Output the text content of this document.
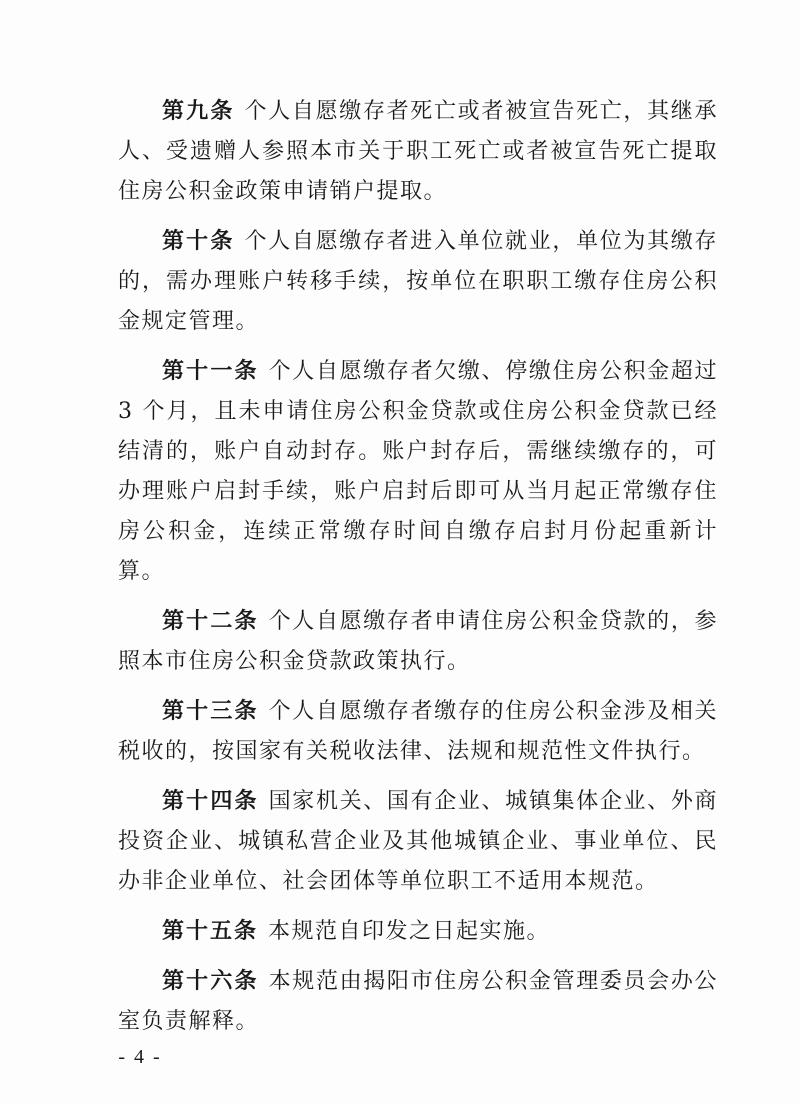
第九条 个人自愿缴存者死亡或者被宣告死亡，其继承人、受遗赠人参照本市关于职工死亡或者被宣告死亡提取住房公积金政策申请销户提取。

第十条 个人自愿缴存者进入单位就业，单位为其缴存的，需办理账户转移手续，按单位在职职工缴存住房公积金规定管理。

第十一条 个人自愿缴存者欠缴、停缴住房公积金超过 3 个月，且未申请住房公积金贷款或住房公积金贷款已经结清的，账户自动封存。账户封存后，需继续缴存的，可办理账户启封手续，账户启封后即可从当月起正常缴存住房公积金，连续正常缴存时间自缴存启封月份起重新计算。

第十二条 个人自愿缴存者申请住房公积金贷款的，参照本市住房公积金贷款政策执行。

第十三条 个人自愿缴存者缴存的住房公积金涉及相关税收的，按国家有关税收法律、法规和规范性文件执行。

第十四条 国家机关、国有企业、城镇集体企业、外商投资企业、城镇私营企业及其他城镇企业、事业单位、民办非企业单位、社会团体等单位职工不适用本规范。

第十五条 本规范自印发之日起实施。

第十六条 本规范由揭阳市住房公积金管理委员会办公室负责解释。

- 4 -
